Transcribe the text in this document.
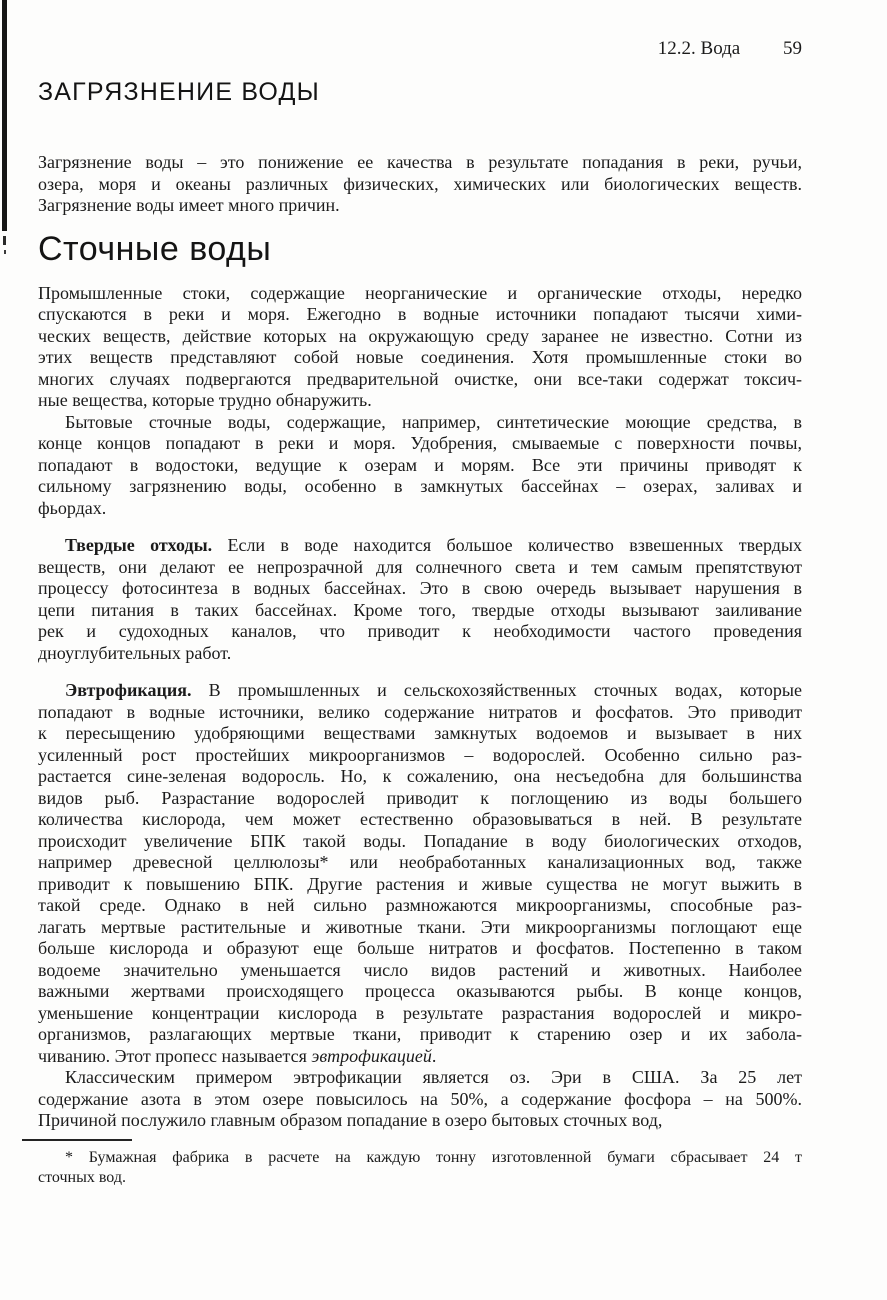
12.2. Вода 59
ЗАГРЯЗНЕНИЕ ВОДЫ
Загрязнение воды – это понижение ее качества в результате попадания в реки, ручьи,
озера, моря и океаны различных физических, химических или биологических веществ.
Загрязнение воды имеет много причин.
Сточные воды
Промышленные стоки, содержащие неорганические и органические отходы, нередко
спускаются в реки и моря. Ежегодно в водные источники попадают тысячи хими-
ческих веществ, действие которых на окружающую среду заранее не известно. Сотни из
этих веществ представляют собой новые соединения. Хотя промышленные стоки во
многих случаях подвергаются предварительной очистке, они все-таки содержат токсич-
ные вещества, которые трудно обнаружить.
Бытовые сточные воды, содержащие, например, синтетические моющие средства, в
конце концов попадают в реки и моря. Удобрения, смываемые с поверхности почвы,
попадают в водостоки, ведущие к озерам и морям. Все эти причины приводят к
сильному загрязнению воды, особенно в замкнутых бассейнах – озерах, заливах и
фьордах.
Твердые отходы. Если в воде находится большое количество взвешенных твердых
веществ, они делают ее непрозрачной для солнечного света и тем самым препятствуют
процессу фотосинтеза в водных бассейнах. Это в свою очередь вызывает нарушения в
цепи питания в таких бассейнах. Кроме того, твердые отходы вызывают заиливание
рек и судоходных каналов, что приводит к необходимости частого проведения
дноуглубительных работ.
Эвтрофикация. В промышленных и сельскохозяйственных сточных водах, которые
попадают в водные источники, велико содержание нитратов и фосфатов. Это приводит
к пересыщению удобряющими веществами замкнутых водоемов и вызывает в них
усиленный рост простейших микроорганизмов – водорослей. Особенно сильно раз-
растается сине-зеленая водоросль. Но, к сожалению, она несъедобна для большинства
видов рыб. Разрастание водорослей приводит к поглощению из воды большего
количества кислорода, чем может естественно образовываться в ней. В результате
происходит увеличение БПК такой воды. Попадание в воду биологических отходов,
например древесной целлюлозы* или необработанных канализационных вод, также
приводит к повышению БПК. Другие растения и живые существа не могут выжить в
такой среде. Однако в ней сильно размножаются микроорганизмы, способные раз-
лагать мертвые растительные и животные ткани. Эти микроорганизмы поглощают еще
больше кислорода и образуют еще больше нитратов и фосфатов. Постепенно в таком
водоеме значительно уменьшается число видов растений и животных. Наиболее
важными жертвами происходящего процесса оказываются рыбы. В конце концов,
уменьшение концентрации кислорода в результате разрастания водорослей и микро-
организмов, разлагающих мертвые ткани, приводит к старению озер и их забола-
чиванию. Этот пропесс называется эвтрофикацией.
Классическим примером эвтрофикации является оз. Эри в США. За 25 лет
содержание азота в этом озере повысилось на 50%, а содержание фосфора – на 500%.
Причиной послужило главным образом попадание в озеро бытовых сточных вод,
* Бумажная фабрика в расчете на каждую тонну изготовленной бумаги сбрасывает 24 т
сточных вод.
